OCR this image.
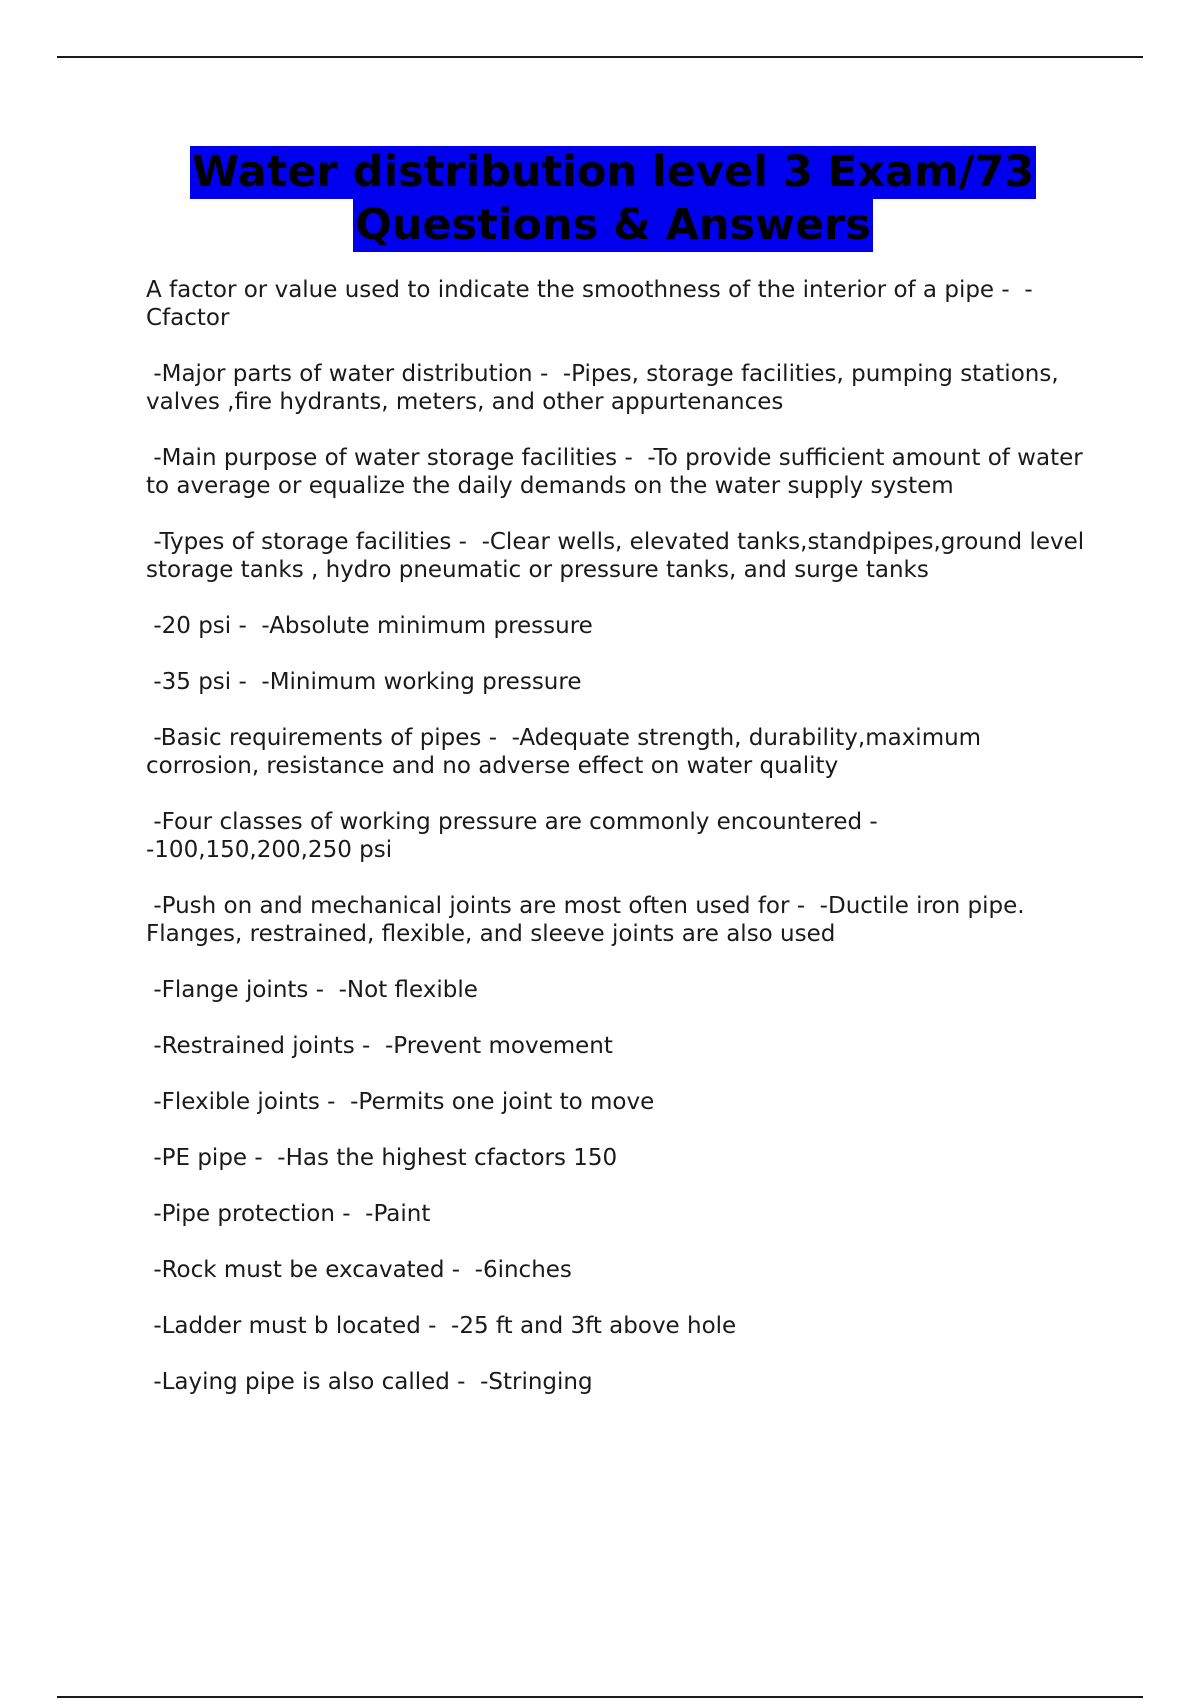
Water distribution level 3 Exam/73
Questions & Answers
A factor or value used to indicate the smoothness of the interior of a pipe -  -Cfactor
-Major parts of water distribution -  -Pipes, storage facilities, pumping stations, valves ,fire hydrants, meters, and other appurtenances
-Main purpose of water storage facilities -  -To provide sufficient amount of water to average or equalize the daily demands on the water supply system
-Types of storage facilities -  -Clear wells, elevated tanks,standpipes,ground level storage tanks , hydro pneumatic or pressure tanks, and surge tanks
-20 psi -  -Absolute minimum pressure
-35 psi -  -Minimum working pressure
-Basic requirements of pipes -  -Adequate strength, durability,maximum corrosion, resistance and no adverse effect on water quality
-Four classes of working pressure are commonly encountered -  -100,150,200,250 psi
-Push on and mechanical joints are most often used for -  -Ductile iron pipe. Flanges, restrained, flexible, and sleeve joints are also used
-Flange joints -  -Not flexible
-Restrained joints -  -Prevent movement
-Flexible joints -  -Permits one joint to move
-PE pipe -  -Has the highest cfactors 150
-Pipe protection -  -Paint
-Rock must be excavated -  -6inches
-Ladder must b located -  -25 ft and 3ft above hole
-Laying pipe is also called -  -Stringing
